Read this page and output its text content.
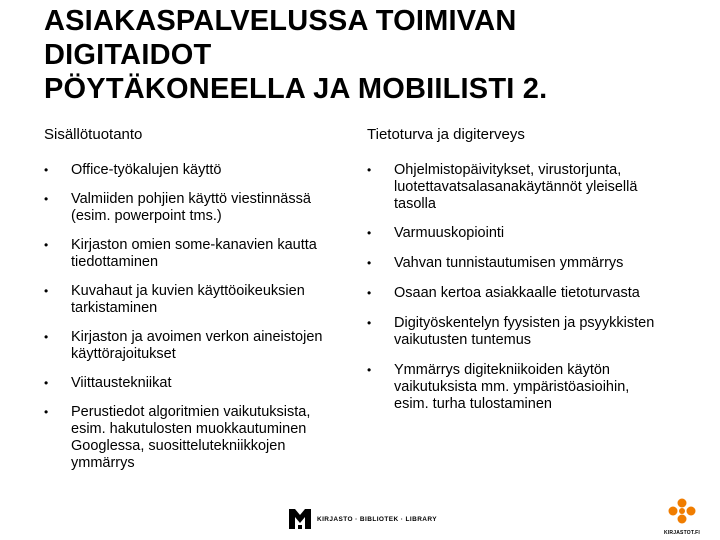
ASIAKASPALVELUSSA TOIMIVAN
DIGITAIDOT
PÖYTÄKONEELLA JA MOBIILISTI 2.
Sisällötuotanto
• Office-työkalujen käyttö
• Valmiiden pohjien käyttö viestinnässä (esim. powerpoint tms.)
• Kirjaston omien some-kanavien kautta tiedottaminen
• Kuvahaut ja kuvien käyttöoikeuksien tarkistaminen
• Kirjaston ja avoimen verkon aineistojen käyttörajoitukset
• Viittaustekniikat
• Perustiedot algoritmien vaikutuksista, esim. hakutulosten muokkautuminen Googlessa, suosittelutekniikkojen ymmärrys
Tietoturva ja digiterveys
• Ohjelmistopäivitykset, virustorjunta, luotettavatsalasanakäytännöt yleisellä tasolla
• Varmuuskopiointi
• Vahvan tunnistautumisen ymmärrys
• Osaan kertoa asiakkaalle tietoturvasta
• Digityöskentelyn fyysisten ja psyykkisten vaikutusten tuntemus
• Ymmärrys digitekniikoiden käytön vaikutuksista mm. ympäristöasioihin, esim. turha tulostaminen
KIRJASTO · BIBLIOTEK · LIBRARY
KIRJASTOT.FI
